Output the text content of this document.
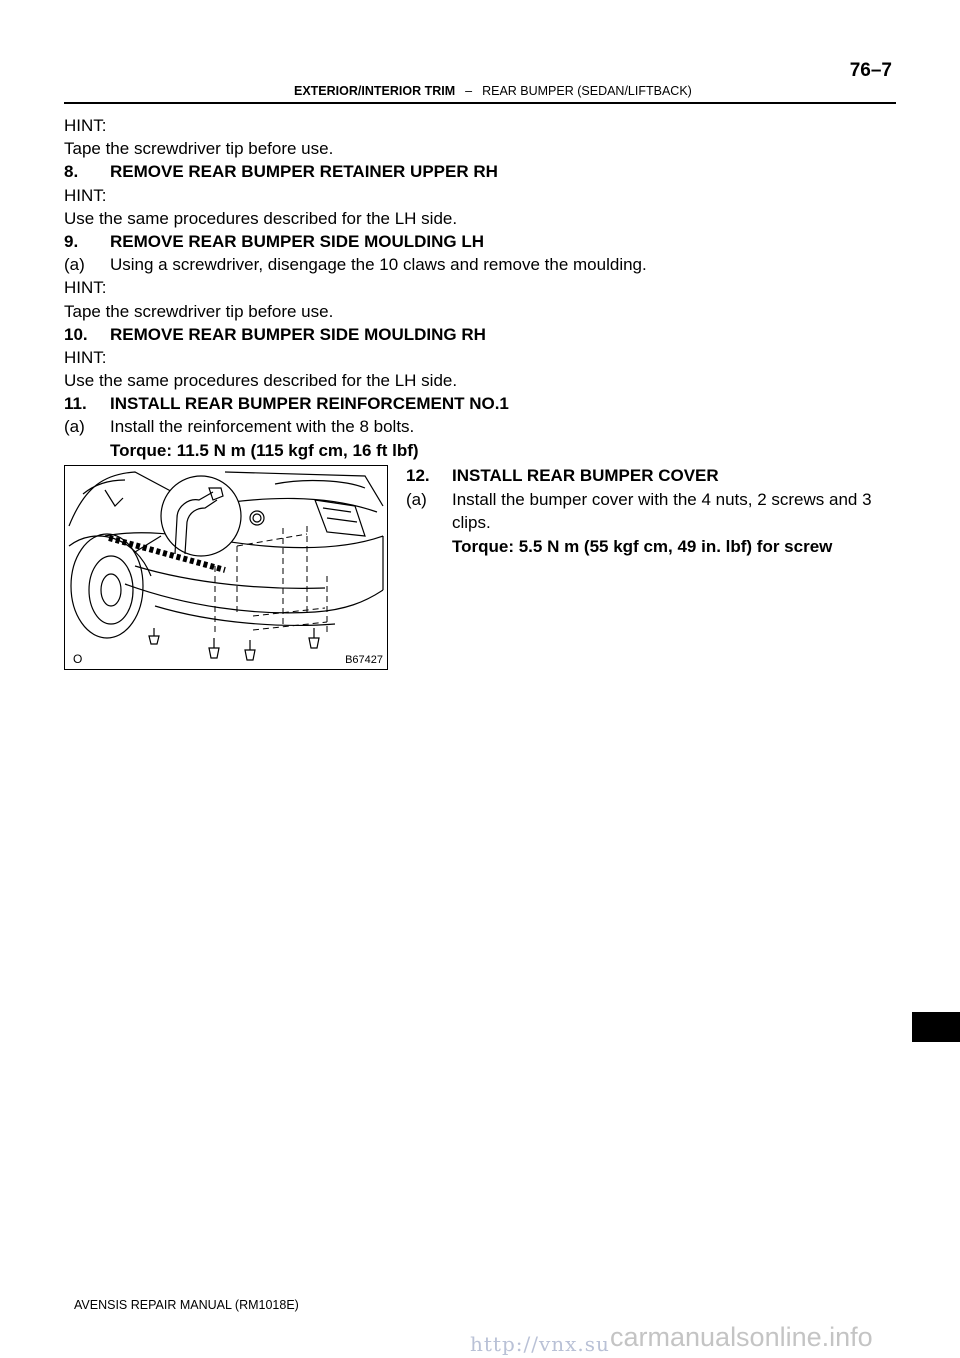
76–7
EXTERIOR/INTERIOR TRIM – REAR BUMPER (SEDAN/LIFTBACK)
HINT:
Tape the screwdriver tip before use.
8. REMOVE REAR BUMPER RETAINER UPPER RH
HINT:
Use the same procedures described for the LH side.
9. REMOVE REAR BUMPER SIDE MOULDING LH
(a) Using a screwdriver, disengage the 10 claws and remove the moulding.
HINT:
Tape the screwdriver tip before use.
10. REMOVE REAR BUMPER SIDE MOULDING RH
HINT:
Use the same procedures described for the LH side.
11. INSTALL REAR BUMPER REINFORCEMENT NO.1
(a) Install the reinforcement with the 8 bolts.
Torque: 11.5 N m (115 kgf cm, 16 ft lbf)
O	B67427
12. INSTALL REAR BUMPER COVER
(a) Install the bumper cover with the 4 nuts, 2 screws and 3
clips.
Torque: 5.5 N m (55 kgf cm, 49 in. lbf) for screw
AVENSIS REPAIR MANUAL (RM1018E)
http://vnx.su carmanualsonline.info
